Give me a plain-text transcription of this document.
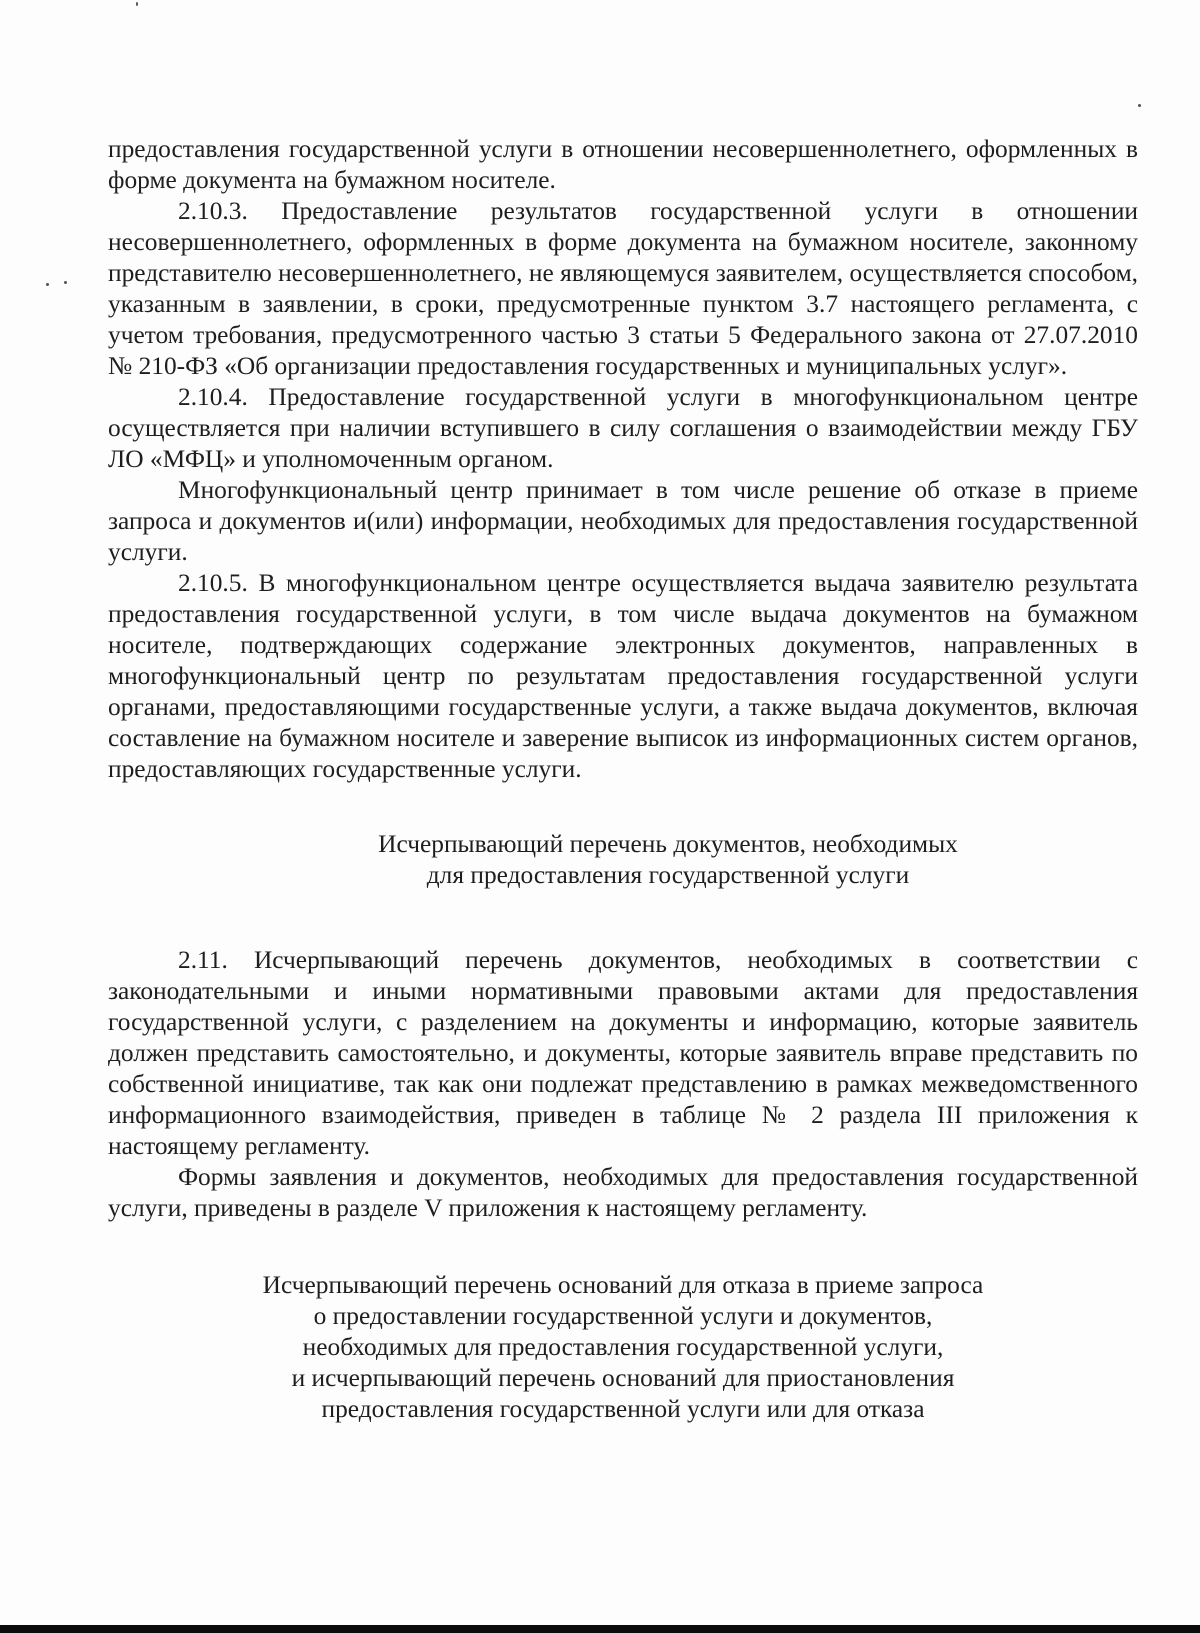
предоставления государственной услуги в отношении несовершеннолетнего, оформленных в форме документа на бумажном носителе.

2.10.3. Предоставление результатов государственной услуги в отношении несовершеннолетнего, оформленных в форме документа на бумажном носителе, законному представителю несовершеннолетнего, не являющемуся заявителем, осуществляется способом, указанным в заявлении, в сроки, предусмотренные пунктом 3.7 настоящего регламента, с учетом требования, предусмотренного частью 3 статьи 5 Федерального закона от 27.07.2010 № 210-ФЗ «Об организации предоставления государственных и муниципальных услуг».

2.10.4. Предоставление государственной услуги в многофункциональном центре осуществляется при наличии вступившего в силу соглашения о взаимодействии между ГБУ ЛО «МФЦ» и уполномоченным органом.

Многофункциональный центр принимает в том числе решение об отказе в приеме запроса и документов и(или) информации, необходимых для предоставления государственной услуги.

2.10.5. В многофункциональном центре осуществляется выдача заявителю результата предоставления государственной услуги, в том числе выдача документов на бумажном носителе, подтверждающих содержание электронных документов, направленных в многофункциональный центр по результатам предоставления государственной услуги органами, предоставляющими государственные услуги, а также выдача документов, включая составление на бумажном носителе и заверение выписок из информационных систем органов, предоставляющих государственные услуги.

Исчерпывающий перечень документов, необходимых
для предоставления государственной услуги

2.11. Исчерпывающий перечень документов, необходимых в соответствии с законодательными и иными нормативными правовыми актами для предоставления государственной услуги, с разделением на документы и информацию, которые заявитель должен представить самостоятельно, и документы, которые заявитель вправе представить по собственной инициативе, так как они подлежат представлению в рамках межведомственного информационного взаимодействия, приведен в таблице № 2 раздела III приложения к настоящему регламенту.

Формы заявления и документов, необходимых для предоставления государственной услуги, приведены в разделе V приложения к настоящему регламенту.

Исчерпывающий перечень оснований для отказа в приеме запроса
о предоставлении государственной услуги и документов,
необходимых для предоставления государственной услуги,
и исчерпывающий перечень оснований для приостановления
предоставления государственной услуги или для отказа
